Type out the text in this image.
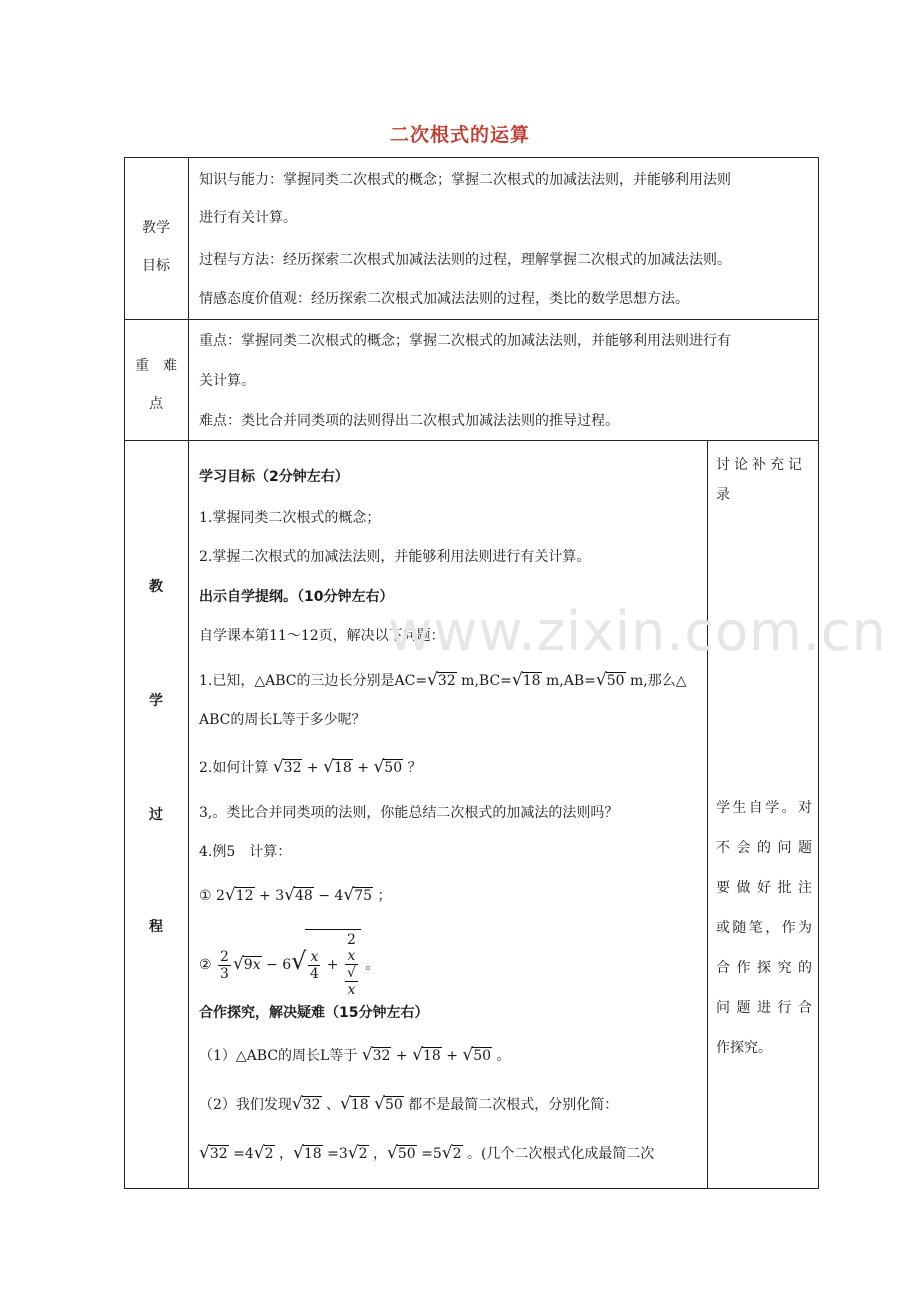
二次根式的运算
教学
目标
知识与能力：掌握同类二次根式的概念；掌握二次根式的加减法法则，并能够利用法则
进行有关计算。
过程与方法：经历探索二次根式加减法法则的过程，理解掌握二次根式的加减法法则。
情感态度价值观：经历探索二次根式加减法法则的过程，类比的数学思想方法。
重　难
点
重点：掌握同类二次根式的概念；掌握二次根式的加减法法则，并能够利用法则进行有
关计算。
难点：类比合并同类项的法则得出二次根式加减法法则的推导过程。
教
学
过
程
学习目标（2分钟左右）
1.掌握同类二次根式的概念；
2.掌握二次根式的加减法法则，并能够利用法则进行有关计算。
出示自学提纲。（10分钟左右）
自学课本第11～12页，解决以下问题：
1.已知，△ABC的三边长分别是AC=√32 m,BC=√18 m,AB=√50 m,那么△
ABC的周长L等于多少呢？
2.如何计算 √32 + √18 + √50 ？
3,。类比合并同类项的法则，你能总结二次根式的加减法的法则吗？
4.例5　计算：
① 2√12 + 3√48 − 4√75 ；
② $\frac{2}{3} √9x - 6√ \frac{x}{4} + 2$
x
√
x 。
合作探究，解决疑难（15分钟左右）
（1）△ABC的周长L等于 √32 + √18 + √50 。
（2）我们发现√32 、√18 √50 都不是最简二次根式，分别化简：
√32 =4√2 ，√18 =3√2 ，√50 =5√2 。(几个二次根式化成最简二次
讨论补充记录
学生自学。对
不会的问题
要做好批注
或随笔，作为
合作探究的
问题进行合
作探究。
www.zixin.com.cn
